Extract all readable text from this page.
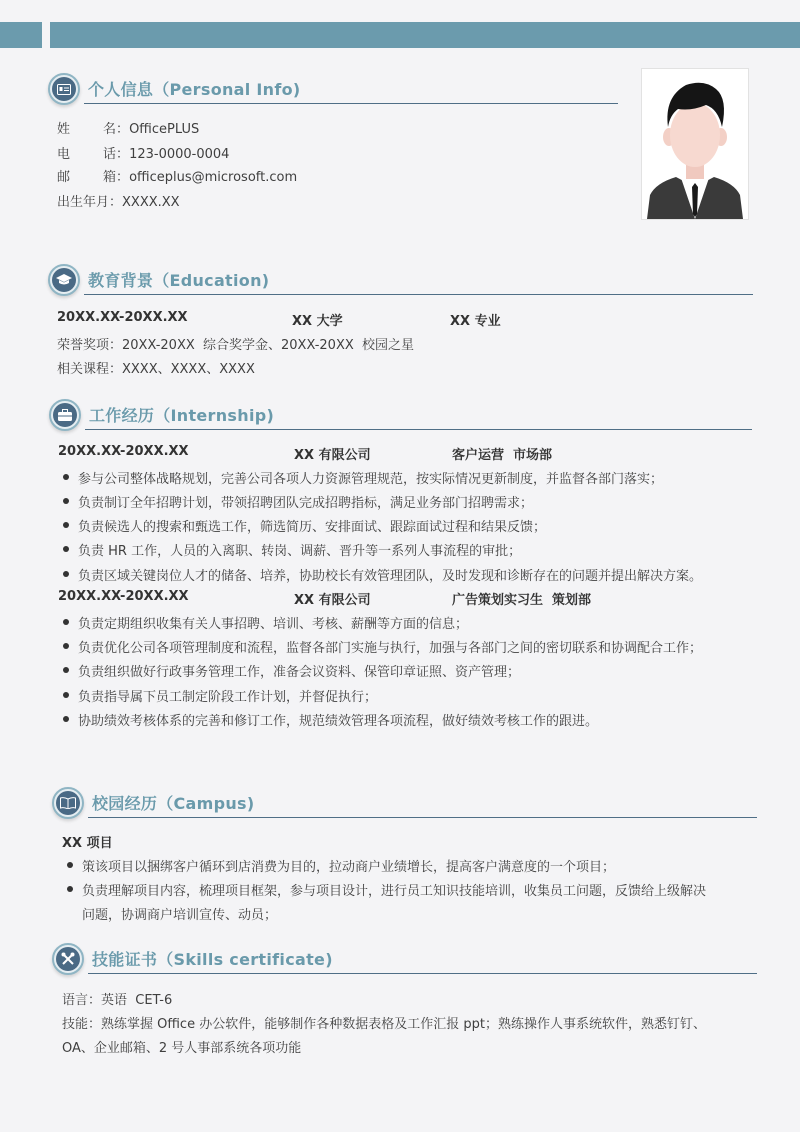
个人信息（Personal Info)
姓        名：OfficePLUS
电        话：123-0000-0004
邮        箱：officeplus@microsoft.com
出生年月：XXXX.XX
教育背景（Education)
20XX.XX-20XX.XX	XX 大学	XX 专业
荣誉奖项：20XX-20XX  综合奖学金、20XX-20XX  校园之星
相关课程：XXXX、XXXX、XXXX
工作经历（Internship)
20XX.XX-20XX.XX	XX 有限公司	客户运营  市场部
参与公司整体战略规划，完善公司各项人力资源管理规范，按实际情况更新制度，并监督各部门落实；
负责制订全年招聘计划，带领招聘团队完成招聘指标，满足业务部门招聘需求；
负责候选人的搜索和甄选工作，筛选简历、安排面试、跟踪面试过程和结果反馈；
负责 HR 工作，人员的入离职、转岗、调薪、晋升等一系列人事流程的审批；
负责区域关键岗位人才的储备、培养，协助校长有效管理团队，及时发现和诊断存在的问题并提出解决方案。
20XX.XX-20XX.XX	XX 有限公司	广告策划实习生  策划部
负责定期组织收集有关人事招聘、培训、考核、薪酬等方面的信息；
负责优化公司各项管理制度和流程，监督各部门实施与执行，加强与各部门之间的密切联系和协调配合工作；
负责组织做好行政事务管理工作，准备会议资料、保管印章证照、资产管理；
负责指导属下员工制定阶段工作计划，并督促执行；
协助绩效考核体系的完善和修订工作，规范绩效管理各项流程，做好绩效考核工作的跟进。
校园经历（Campus)
XX 项目
策该项目以捆绑客户循环到店消费为目的，拉动商户业绩增长，提高客户满意度的一个项目；
负责理解项目内容，梳理项目框架，参与项目设计，进行员工知识技能培训，收集员工问题，反馈给上级解决
问题，协调商户培训宣传、动员；
技能证书（Skills certificate)
语言：英语  CET-6
技能：熟练掌握 Office 办公软件，能够制作各种数据表格及工作汇报 ppt；熟练操作人事系统软件，熟悉钉钉、
OA、企业邮箱、2 号人事部系统各项功能
